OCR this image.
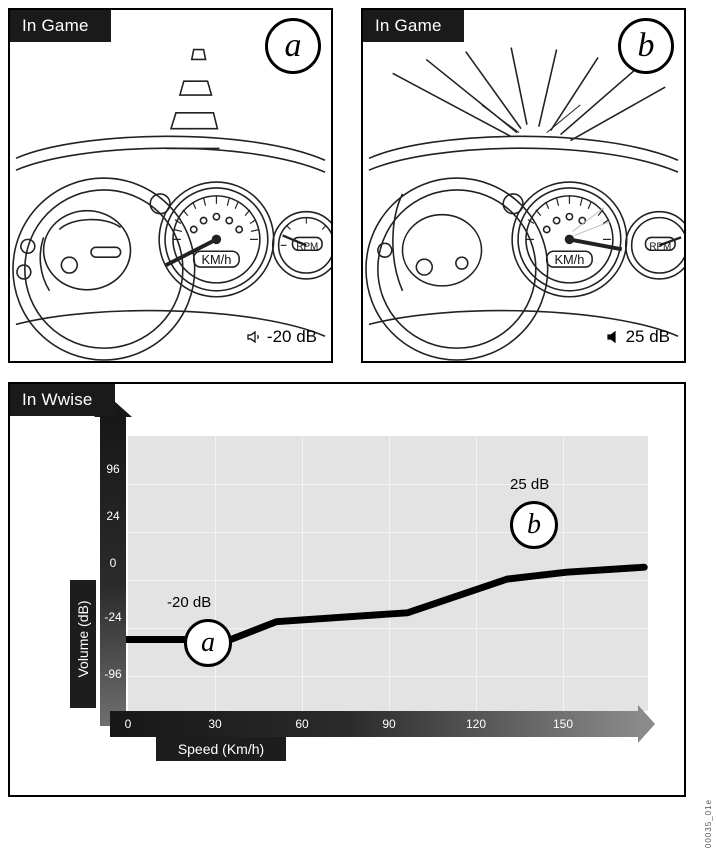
KM/h
RPM
In Game
a
-20 dB
KM/h
RPM
In Game
b
25 dB
96
24
0
-24
-96
Volume (dB)
0	30	60	90	120	150
Speed (Km/h)
-20 dB
a
25 dB
b
In Wwise
00035_01e
